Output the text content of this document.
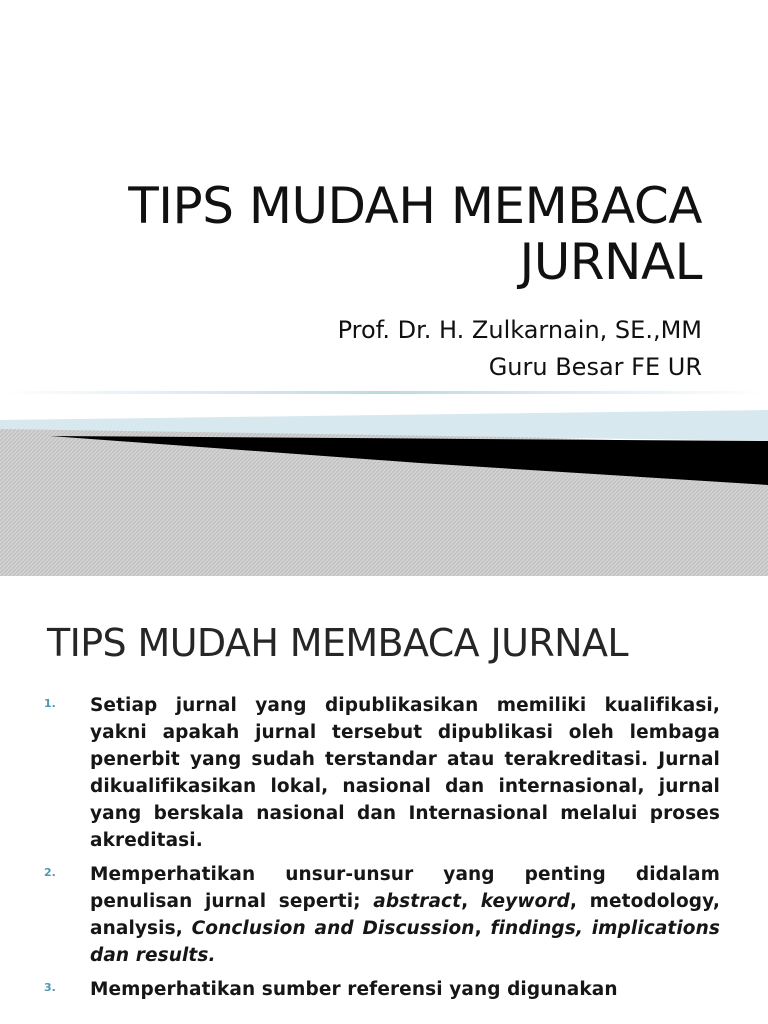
TIPS MUDAH MEMBACA JURNAL
Prof. Dr. H. Zulkarnain, SE.,MM
Guru Besar FE UR
TIPS MUDAH MEMBACA JURNAL
1. Setiap jurnal yang dipublikasikan memiliki kualifikasi, yakni apakah jurnal tersebut dipublikasi oleh lembaga penerbit yang sudah terstandar atau terakreditasi. Jurnal dikualifikasikan lokal, nasional dan internasional, jurnal yang berskala nasional dan Internasional melalui proses akreditasi.
2. Memperhatikan unsur-unsur yang penting didalam penulisan jurnal seperti; abstract, keyword, metodology, analysis, Conclusion and Discussion, findings, implications dan results.
3. Memperhatikan sumber referensi yang digunakan
